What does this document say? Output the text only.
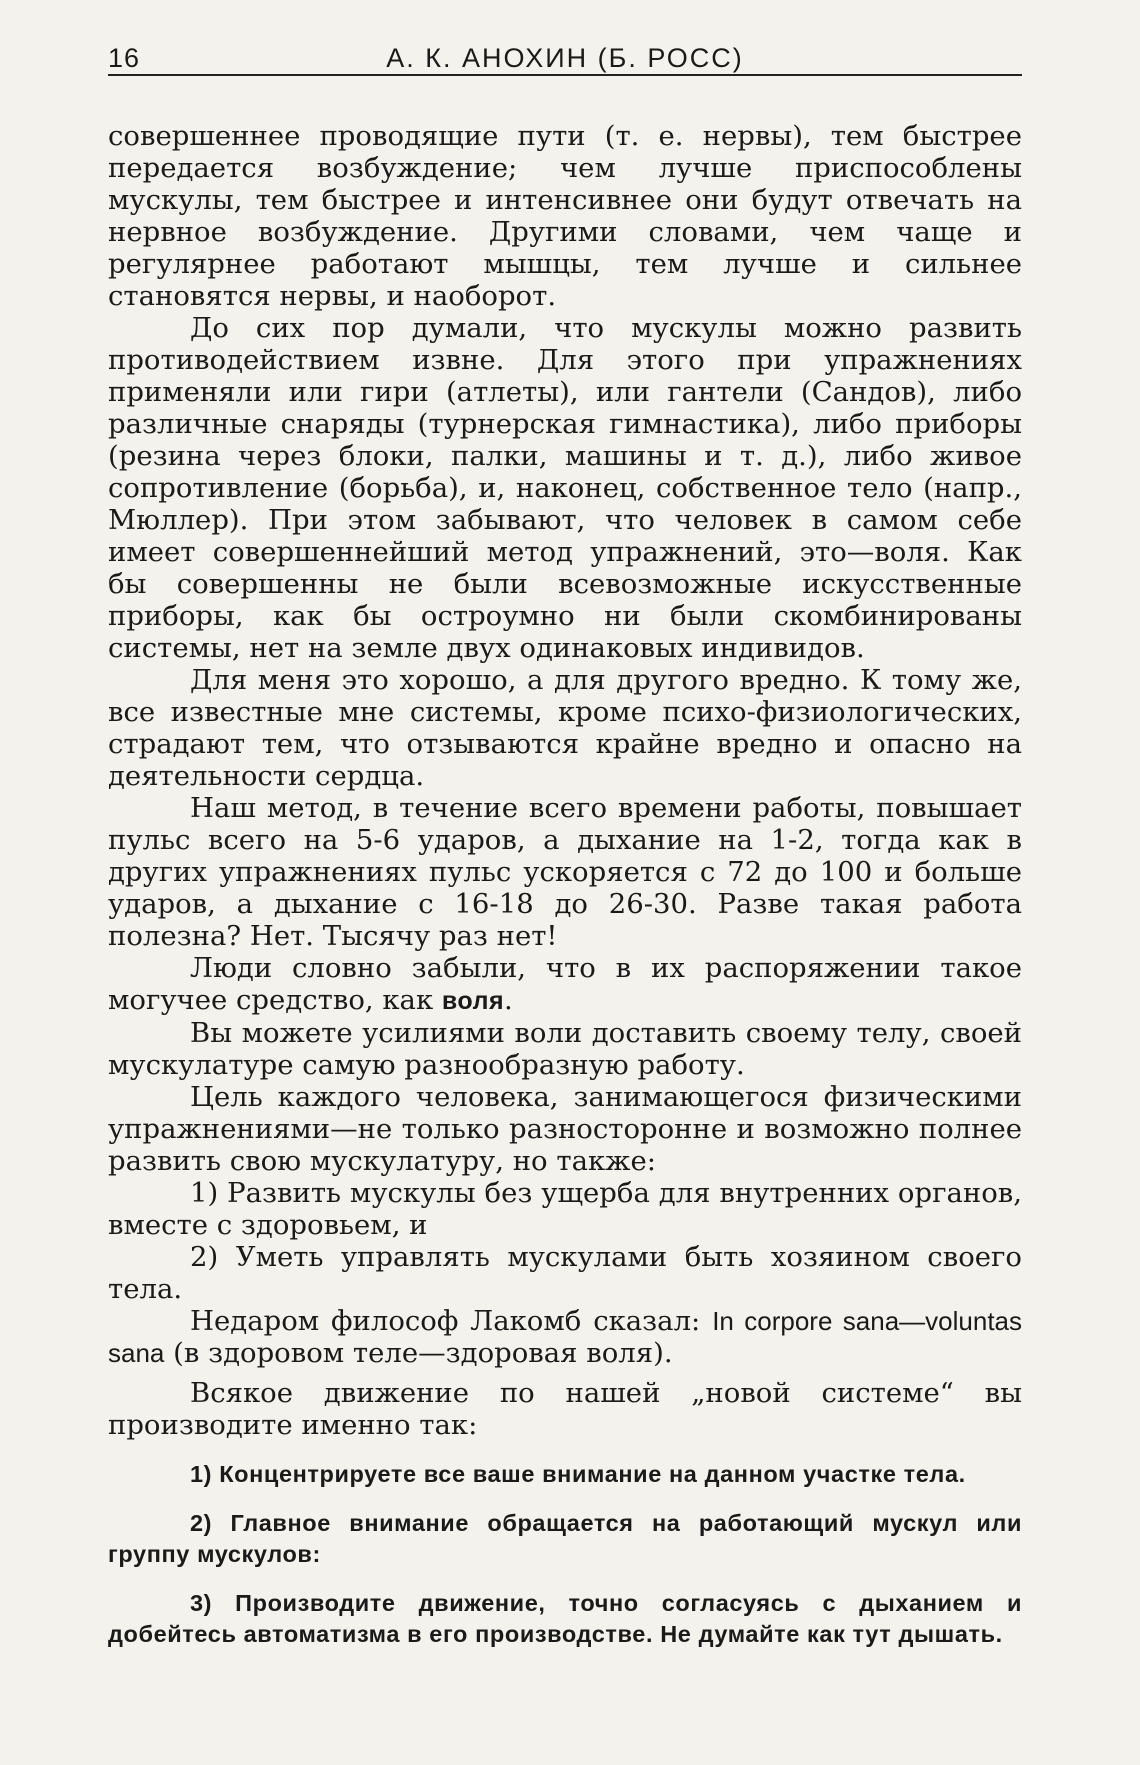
16	А. К. АНОХИН (Б. РОСС)

совершеннее проводящие пути (т. е. нервы), тем быстрее передается возбуждение; чем лучше приспособлены мускулы, тем быстрее и интенсивнее они будут отвечать на нервное возбуждение. Другими словами, чем чаще и регулярнее работают мышцы, тем лучше и сильнее становятся нервы, и наоборот.

До сих пор думали, что мускулы можно развить противодействием извне. Для этого при упражнениях применяли или гири (атлеты), или гантели (Сандов), либо различные снаряды (турнерская гимнастика), либо приборы (резина через блоки, палки, машины и т. д.), либо живое сопротивление (борьба), и, наконец, собственное тело (напр., Мюллер). При этом забывают, что человек в самом себе имеет совершеннейший метод упражнений, это—воля. Как бы совершенны не были всевозможные искусственные приборы, как бы остроумно ни были скомбинированы системы, нет на земле двух одинаковых индивидов.

Для меня это хорошо, а для другого вредно. К тому же, все известные мне системы, кроме психо-физиологических, страдают тем, что отзываются крайне вредно и опасно на деятельности сердца.

Наш метод, в течение всего времени работы, повышает пульс всего на 5-6 ударов, а дыхание на 1-2, тогда как в других упражнениях пульс ускоряется с 72 до 100 и больше ударов, а дыхание с 16-18 до 26-30. Разве такая работа полезна? Нет. Тысячу раз нет!

Люди словно забыли, что в их распоряжении такое могучее средство, как воля.

Вы можете усилиями воли доставить своему телу, своей мускулатуре самую разнообразную работу.

Цель каждого человека, занимающегося физическими упражнениями—не только разносторонне и возможно полнее развить свою мускулатуру, но также:

1) Развить мускулы без ущерба для внутренних органов, вместе с здоровьем, и

2) Уметь управлять мускулами быть хозяином своего тела.

Недаром философ Лакомб сказал: In corpore sana—voluntas sana (в здоровом теле—здоровая воля).

Всякое движение по нашей „новой системе“ вы производите именно так:

1) Концентрируете все ваше внимание на данном участке тела.

2) Главное внимание обращается на работающий мускул или группу мускулов:

3) Производите движение, точно согласуясь с дыханием и добейтесь автоматизма в его производстве. Не думайте как тут дышать.
